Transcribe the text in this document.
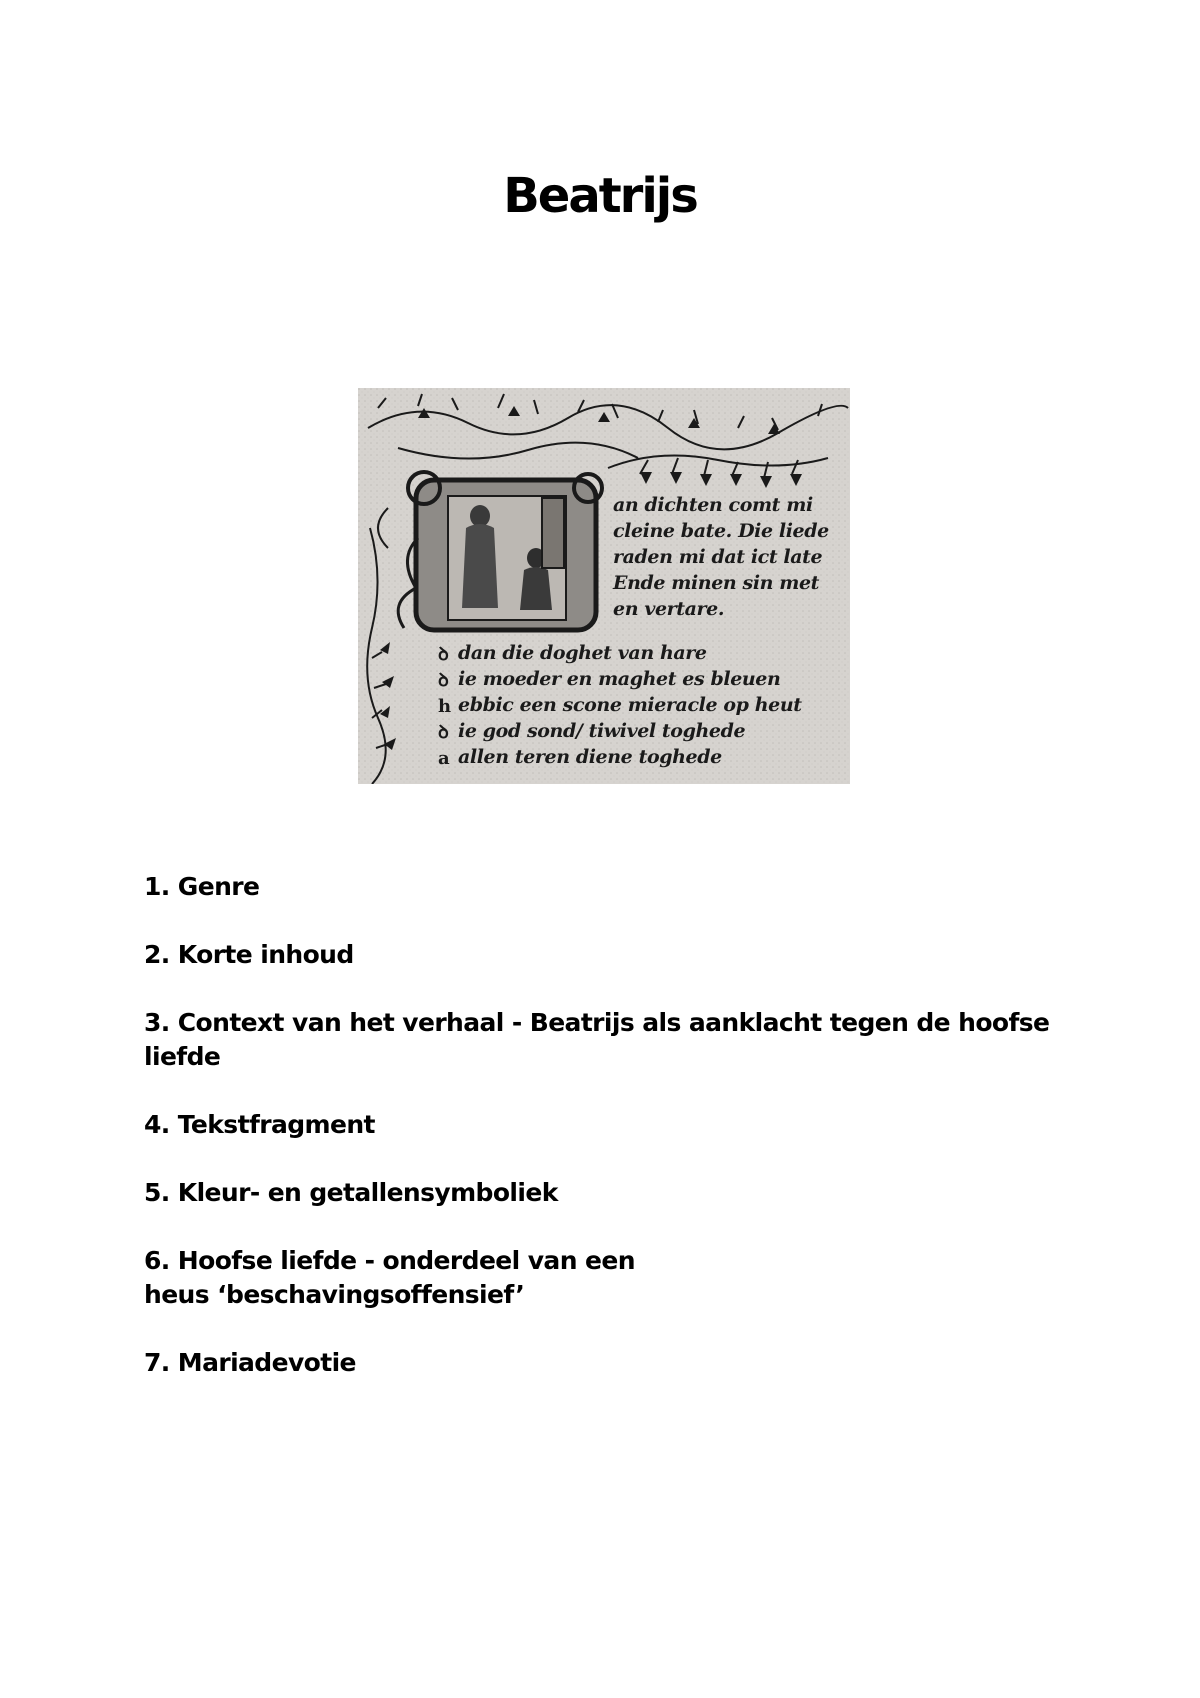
Beatrijs
ꝺ
ꝺ
h
ꝺ
a
an dichten comt mi
cleine bate. Die liede
raden mi dat ict late
Ende minen sin met
en vertare.
dan die doghet van hare
ie moeder en maghet es bleuen
ebbic een scone mieracle op heut
ie god sond/ tiwivel toghede
allen teren diene toghede
1. Genre
2. Korte inhoud
3. Context van het verhaal - Beatrijs als aanklacht tegen de hoofse liefde
4. Tekstfragment
5. Kleur- en getallensymboliek
6. Hoofse liefde - onderdeel van een heus ‘beschavingsoffensief’
7. Mariadevotie
